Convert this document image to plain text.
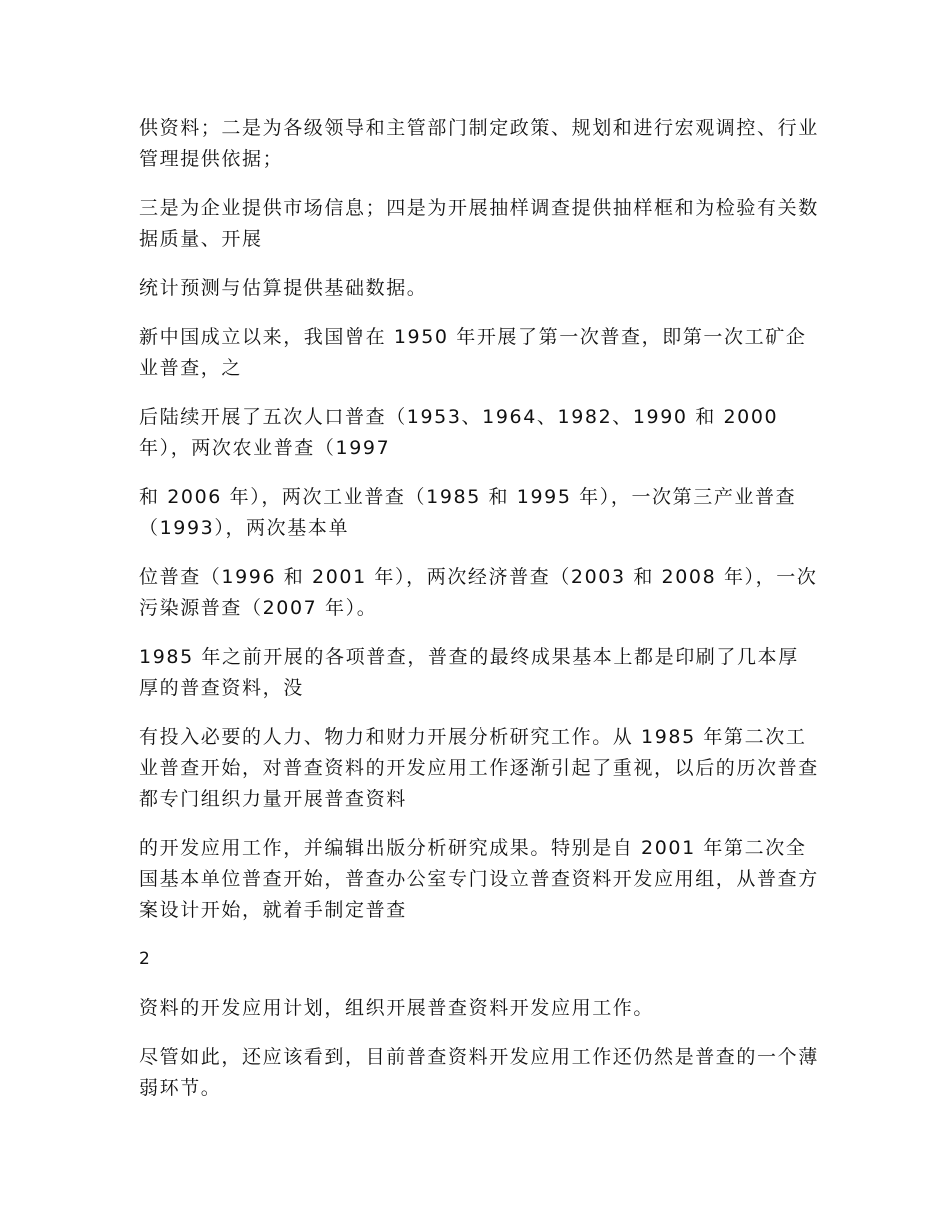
供资料；二是为各级领导和主管部门制定政策、规划和进行宏观调控、行业管理提供依据；

三是为企业提供市场信息；四是为开展抽样调查提供抽样框和为检验有关数据质量、开展

统计预测与估算提供基础数据。

新中国成立以来，我国曾在 1950 年开展了第一次普查，即第一次工矿企业普查，之

后陆续开展了五次人口普查（1953、1964、1982、1990 和 2000 年），两次农业普查（1997

和 2006 年），两次工业普查（1985 和 1995 年），一次第三产业普查（1993），两次基本单

位普查（1996 和 2001 年），两次经济普查（2003 和 2008 年），一次污染源普查（2007 年）。

1985 年之前开展的各项普查，普查的最终成果基本上都是印刷了几本厚厚的普查资料，没

有投入必要的人力、物力和财力开展分析研究工作。从 1985 年第二次工业普查开始，对普查资料的开发应用工作逐渐引起了重视，以后的历次普查都专门组织力量开展普查资料

的开发应用工作，并编辑出版分析研究成果。特别是自 2001 年第二次全国基本单位普查开始，普查办公室专门设立普查资料开发应用组，从普查方案设计开始，就着手制定普查

2

资料的开发应用计划，组织开展普查资料开发应用工作。

尽管如此，还应该看到，目前普查资料开发应用工作还仍然是普查的一个薄弱环节。
